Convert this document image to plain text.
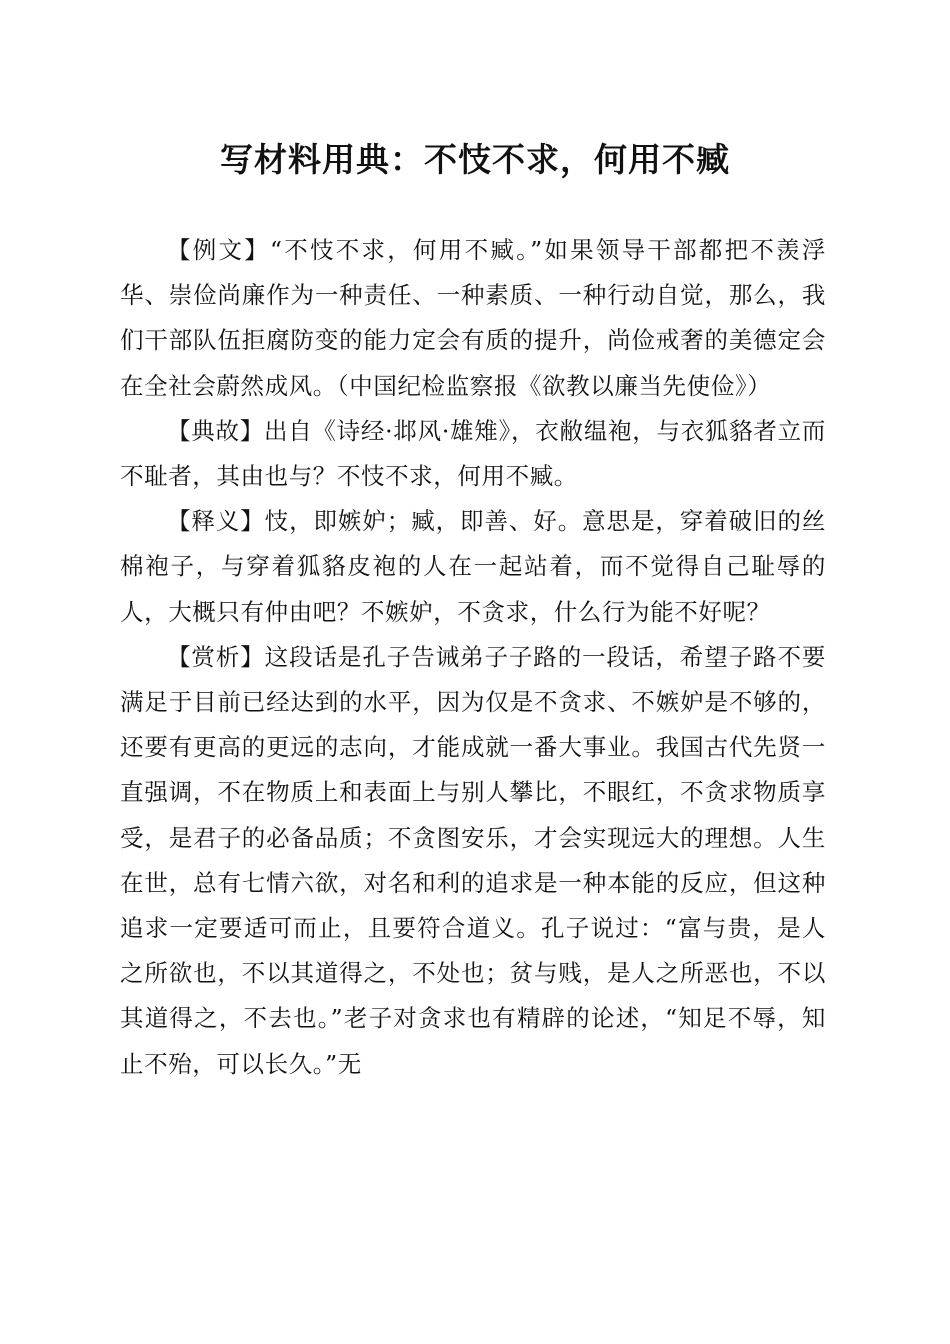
写材料用典：不忮不求，何用不臧

【例文】“不忮不求，何用不臧。”如果领导干部都把不羡浮华、崇俭尚廉作为一种责任、一种素质、一种行动自觉，那么，我们干部队伍拒腐防变的能力定会有质的提升，尚俭戒奢的美德定会在全社会蔚然成风。（中国纪检监察报《欲教以廉当先使俭》）

【典故】出自《诗经·邶风·雄雉》，衣敝缊袍，与衣狐貉者立而不耻者，其由也与？不忮不求，何用不臧。

【释义】忮，即嫉妒；臧，即善、好。意思是，穿着破旧的丝棉袍子，与穿着狐貉皮袍的人在一起站着，而不觉得自己耻辱的人，大概只有仲由吧？不嫉妒，不贪求，什么行为能不好呢？

【赏析】这段话是孔子告诫弟子子路的一段话，希望子路不要满足于目前已经达到的水平，因为仅是不贪求、不嫉妒是不够的，还要有更高的更远的志向，才能成就一番大事业。我国古代先贤一直强调，不在物质上和表面上与别人攀比，不眼红，不贪求物质享受，是君子的必备品质；不贪图安乐，才会实现远大的理想。人生在世，总有七情六欲，对名和利的追求是一种本能的反应，但这种追求一定要适可而止，且要符合道义。孔子说过：“富与贵，是人之所欲也，不以其道得之，不处也；贫与贱，是人之所恶也，不以其道得之，不去也。”老子对贪求也有精辟的论述，“知足不辱，知止不殆，可以长久。”无
